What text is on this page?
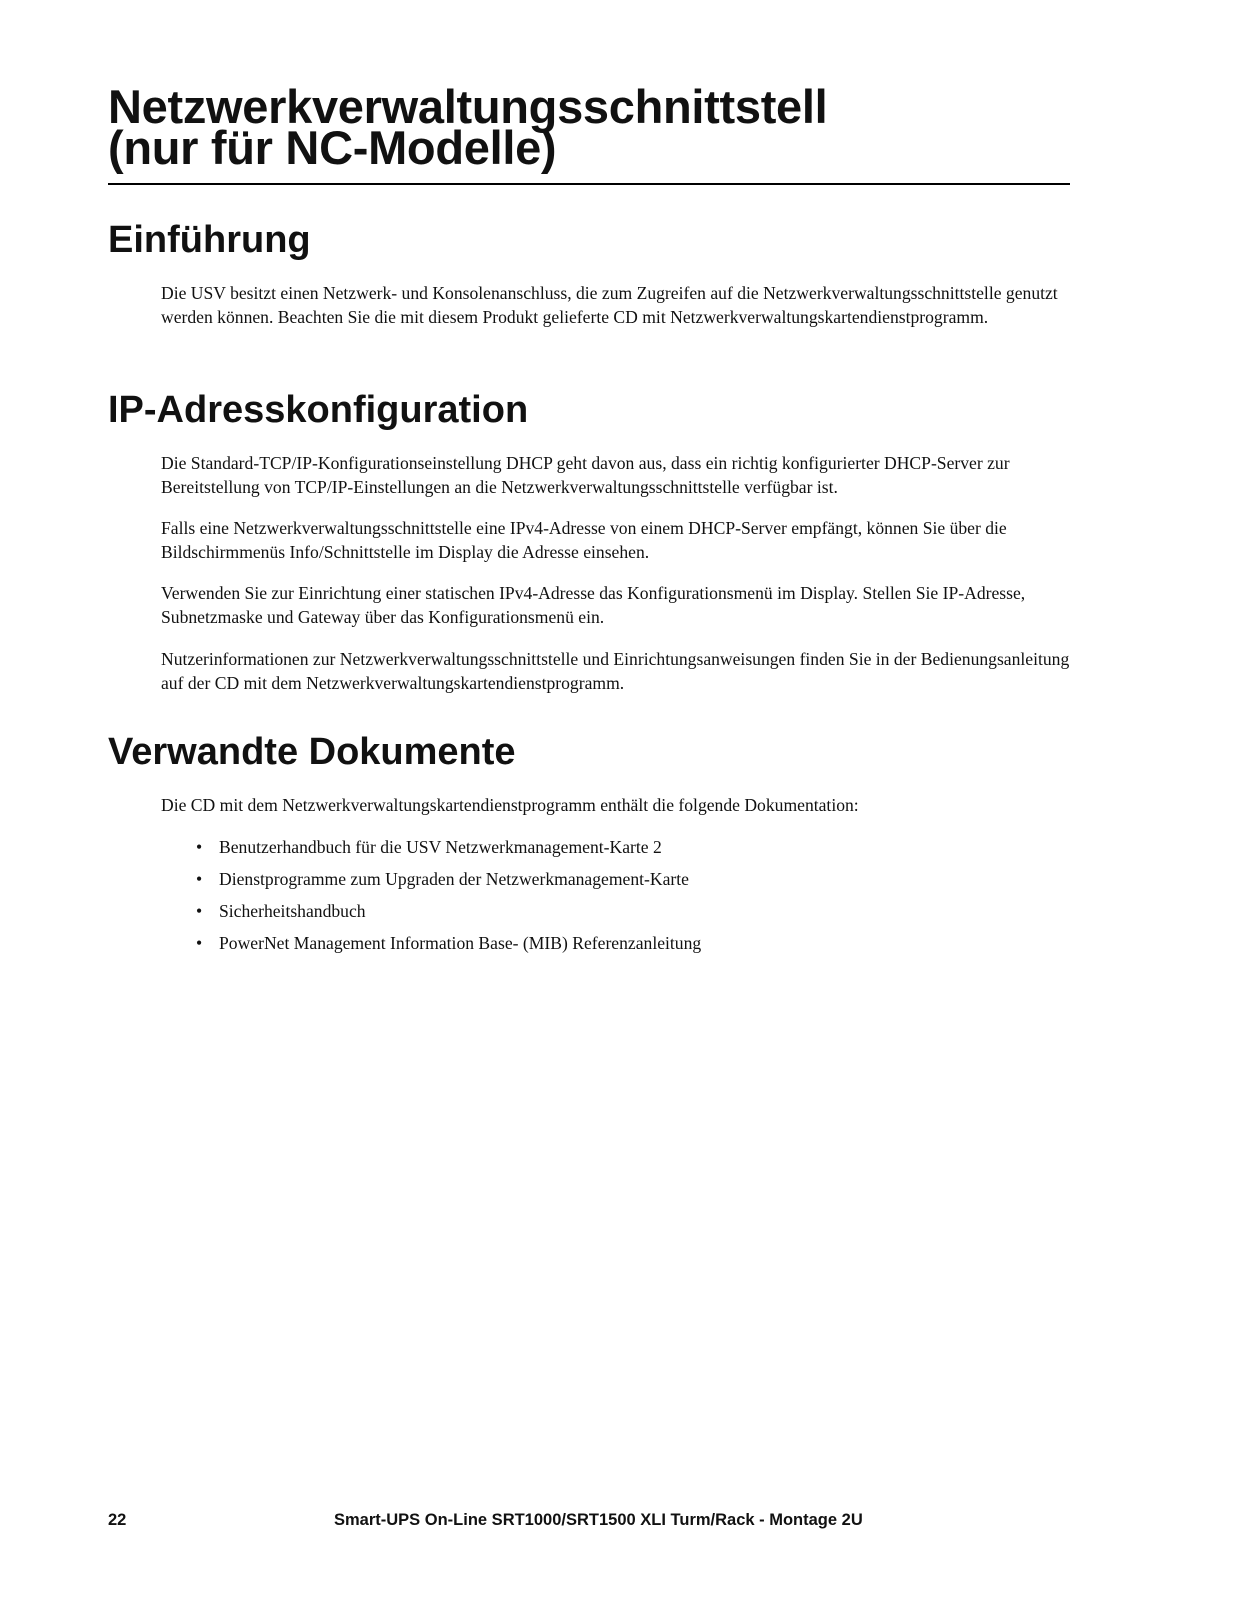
Netzwerkverwaltungsschnittstell
(nur für NC-Modelle)
Einführung

Die USV besitzt einen Netzwerk- und Konsolenanschluss, die zum Zugreifen auf die Netzwerkverwaltungsschnittstelle genutzt werden können. Beachten Sie die mit diesem Produkt gelieferte CD mit Netzwerkverwaltungskartendienstprogramm.

IP-Adresskonfiguration

Die Standard-TCP/IP-Konfigurationseinstellung DHCP geht davon aus, dass ein richtig konfigurierter DHCP-Server zur Bereitstellung von TCP/IP-Einstellungen an die Netzwerkverwaltungsschnittstelle verfügbar ist.

Falls eine Netzwerkverwaltungsschnittstelle eine IPv4-Adresse von einem DHCP-Server empfängt, können Sie über die Bildschirmmenüs Info/Schnittstelle im Display die Adresse einsehen.

Verwenden Sie zur Einrichtung einer statischen IPv4-Adresse das Konfigurationsmenü im Display. Stellen Sie IP-Adresse, Subnetzmaske und Gateway über das Konfigurationsmenü ein.

Nutzerinformationen zur Netzwerkverwaltungsschnittstelle und Einrichtungsanweisungen finden Sie in der Bedienungsanleitung auf der CD mit dem Netzwerkverwaltungskartendienstprogramm.

Verwandte Dokumente

Die CD mit dem Netzwerkverwaltungskartendienstprogramm enthält die folgende Dokumentation:

• Benutzerhandbuch für die USV Netzwerkmanagement-Karte 2
• Dienstprogramme zum Upgraden der Netzwerkmanagement-Karte
• Sicherheitshandbuch
• PowerNet Management Information Base- (MIB) Referenzanleitung
22	Smart-UPS On-Line SRT1000/SRT1500 XLI Turm/Rack - Montage 2U
